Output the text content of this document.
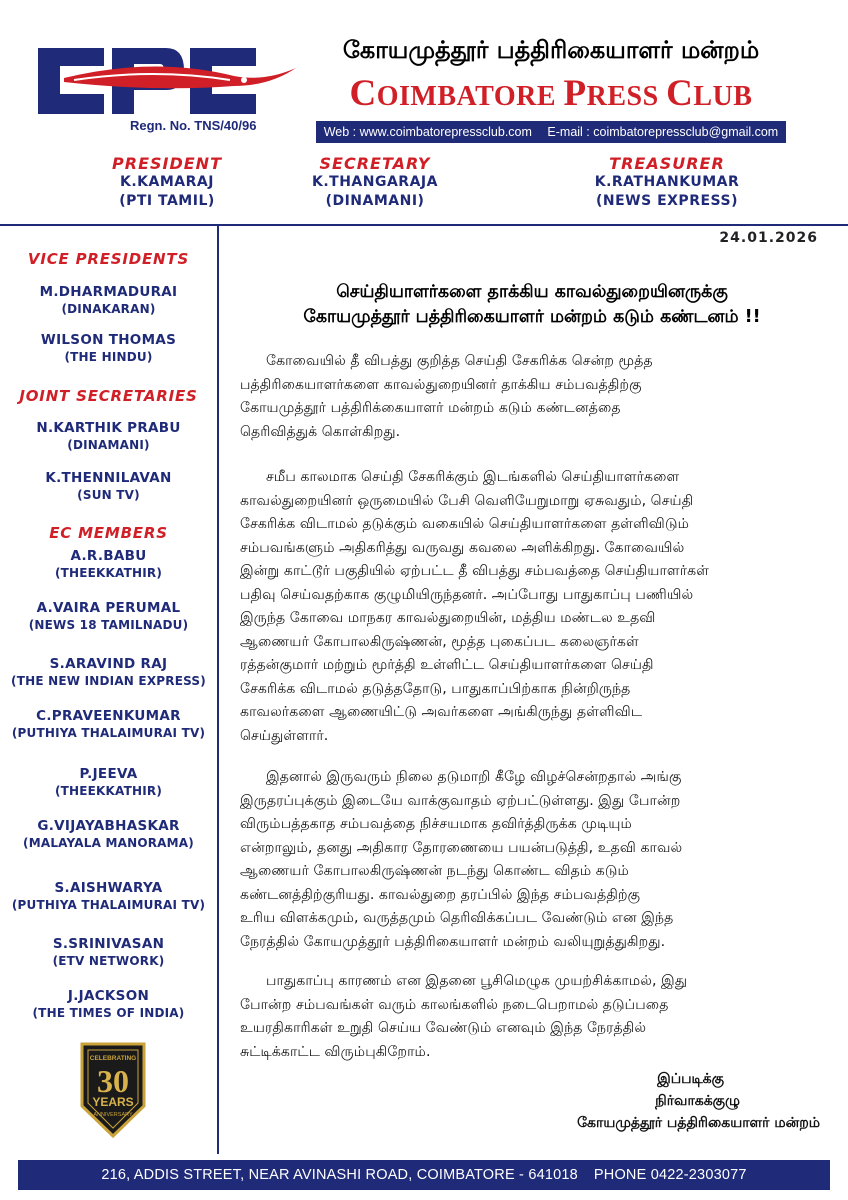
Regn. No. TNS/40/96
கோயமுத்தூர் பத்திரிகையாளர் மன்றம்
COIMBATORE PRESS CLUB
Web : www.coimbatorepressclub.com E-mail : coimbatorepressclub@gmail.com
PRESIDENT
K.KAMARAJ
(PTI TAMIL)
SECRETARY
K.THANGARAJA
(DINAMANI)
TREASURER
K.RATHANKUMAR
(NEWS EXPRESS)
24.01.2026
VICE PRESIDENTS
M.DHARMADURAI
(DINAKARAN)
WILSON THOMAS
(THE HINDU)
JOINT SECRETARIES
N.KARTHIK PRABU
(DINAMANI)
K.THENNILAVAN
(SUN TV)
EC MEMBERS
A.R.BABU
(THEEKKATHIR)
A.VAIRA PERUMAL
(NEWS 18 TAMILNADU)
S.ARAVIND RAJ
(THE NEW INDIAN EXPRESS)
C.PRAVEENKUMAR
(PUTHIYA THALAIMURAI TV)
P.JEEVA
(THEEKKATHIR)
G.VIJAYABHASKAR
(MALAYALA MANORAMA)
S.AISHWARYA
(PUTHIYA THALAIMURAI TV)
S.SRINIVASAN
(ETV NETWORK)
J.JACKSON
(THE TIMES OF INDIA)
CELEBRATING
30
YEARS
ANNIVERSARY
செய்தியாளர்களை தாக்கிய காவல்துறையினருக்கு
கோயமுத்தூர் பத்திரிகையாளர் மன்றம் கடும் கண்டனம் !!
கோவையில் தீ விபத்து குறித்த செய்தி சேகரிக்க சென்ற மூத்த
பத்திரிகையாளர்களை காவல்துறையினர் தாக்கிய சம்பவத்திற்கு
கோயமுத்தூர் பத்திரிக்கையாளர் மன்றம் கடும் கண்டனத்தை
தெரிவித்துக் கொள்கிறது.
சமீப காலமாக செய்தி சேகரிக்கும் இடங்களில் செய்தியாளர்களை
காவல்துறையினர் ஒருமையில் பேசி வெளியேறுமாறு ஏசுவதும், செய்தி
சேகரிக்க விடாமல் தடுக்கும் வகையில் செய்தியாளர்களை தள்ளிவிடும்
சம்பவங்களும் அதிகரித்து வருவது கவலை அளிக்கிறது. கோவையில்
இன்று காட்டூர் பகுதியில் ஏற்பட்ட தீ விபத்து சம்பவத்தை செய்தியாளர்கள்
பதிவு செய்வதற்காக குழுமியிருந்தனர். அப்போது பாதுகாப்பு பணியில்
இருந்த கோவை மாநகர காவல்துறையின், மத்திய மண்டல உதவி
ஆணையர் கோபாலகிருஷ்ணன், மூத்த புகைப்பட கலைஞர்கள்
ரத்தன்குமார் மற்றும் மூர்த்தி உள்ளிட்ட செய்தியாளர்களை செய்தி
சேகரிக்க விடாமல் தடுத்ததோடு, பாதுகாப்பிற்காக நின்றிருந்த
காவலர்களை ஆணையிட்டு அவர்களை அங்கிருந்து தள்ளிவிட
செய்துள்ளார்.
இதனால் இருவரும் நிலை தடுமாறி கீழே விழச்சென்றதால் அங்கு
இருதரப்புக்கும் இடையே வாக்குவாதம் ஏற்பட்டுள்ளது. இது போன்ற
விரும்பத்தகாத சம்பவத்தை நிச்சயமாக தவிர்த்திருக்க முடியும்
என்றாலும், தனது அதிகார தோரணையை பயன்படுத்தி, உதவி காவல்
ஆணையர் கோபாலகிருஷ்ணன் நடந்து கொண்ட விதம் கடும்
கண்டனத்திற்குரியது. காவல்துறை தரப்பில் இந்த சம்பவத்திற்கு
உரிய விளக்கமும், வருத்தமும் தெரிவிக்கப்பட வேண்டும் என இந்த
நேரத்தில் கோயமுத்தூர் பத்திரிகையாளர் மன்றம் வலியுறுத்துகிறது.
பாதுகாப்பு காரணம் என இதனை பூசிமெழுக முயற்சிக்காமல், இது
போன்ற சம்பவங்கள் வரும் காலங்களில் நடைபெறாமல் தடுப்பதை
உயரதிகாரிகள் உறுதி செய்ய வேண்டும் எனவும் இந்த நேரத்தில்
சுட்டிக்காட்ட விரும்புகிறோம்.
இப்படிக்கு
நிர்வாகக்குழு
கோயமுத்தூர் பத்திரிகையாளர் மன்றம்
216, ADDIS STREET, NEAR AVINASHI ROAD, COIMBATORE - 641018 PHONE 0422-2303077
